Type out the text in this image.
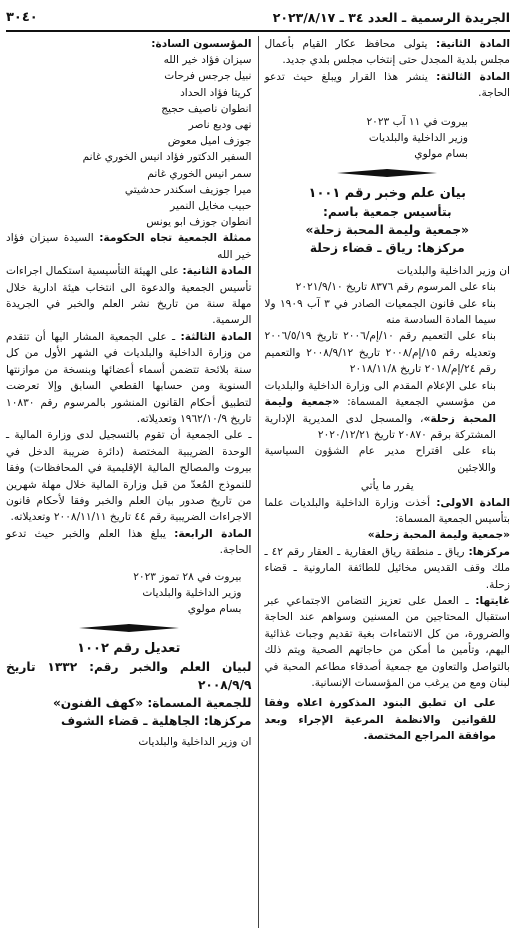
الجريدة الرسمية ـ العدد ٣٤ ـ ٢٠٢٣/٨/١٧
٣٠٤٠

المادة الثانية: يتولى محافظ عكار القيام بأعمال مجلس بلدية المجدل حتى إنتخاب مجلس بلدي جديد.

المادة الثالثة: ينشر هذا القرار ويبلغ حيث تدعو الحاجة.

بيروت في ١١ آب ٢٠٢٣

وزير الداخلية والبلديات

بسام مولوي

بيان علم وخبر رقم ١٠٠١

بتأسيس جمعية باسم:

«جمعية وليمة المحبة زحلة»

مركزها: رياق ـ قضاء زحلة

ان وزير الداخلية والبلديات

بناء على المرسوم رقم ٨٣٧٦ تاريخ ٢٠٢١/٩/١٠

بناء على قانون الجمعيات الصادر في ٣ آب ١٩٠٩ ولا سيما المادة السادسة منه

بناء على التعميم رقم ١٠/إم/٢٠٠٦ تاريخ ٢٠٠٦/٥/١٩ وتعديله رقم ١٥/إم/٢٠٠٨ تاريخ ٢٠٠٨/٩/١٢ والتعميم رقم ٢٤/إم/٢٠١٨ تاريخ ٢٠١٨/١١/٨

بناء على الإعلام المقدم الى وزارة الداخلية والبلديات من مؤسسي الجمعية المسماة: «جمعية وليمة المحبة زحلة»، والمسجل لدى المديرية الإدارية المشتركة برقم ٢٠٨٧٠ تاريخ ٢٠٢٠/١٢/٢١

بناء على اقتراح مدير عام الشؤون السياسية واللاجئين

يقرر ما يأتي

المادة الاولى: أخذت وزارة الداخلية والبلديات علما بتأسيس الجمعية المسماة:

«جمعية وليمة المحبة زحلة»

مركزها: رياق ـ منطقة رياق العقارية ـ العقار رقم ٤٢ ـ ملك وقف القديس مخائيل للطائفة المارونية ـ قضاء زحلة.

غايتها: ـ العمل على تعزيز التضامن الاجتماعي عبر استقبال المحتاجين من المسنين وسواهم عند الحاجة والضرورة، من كل الانتماءات بغية تقديم وجبات غذائية اليهم، وتأمين ما أمكن من حاجاتهم الصحية ويتم ذلك بالتواصل والتعاون مع جمعية أصدقاء مطاعم المحبة في لبنان ومع من يرغب من المؤسسات الإنسانية.

على ان تطبق البنود المذكورة اعلاه وفقا للقوانين والانظمة المرعية الإجراء وبعد موافقة المراجع المختصة.

المؤسسون السادة:

سيزان فؤاد خير الله

نبيل جرجس فرحات

كريتا فؤاد الحداد

انطوان ناصيف حجيج

نهى وديع ناصر

جوزف اميل معوض

السفير الدكتور فؤاد انيس الخوري غانم

سمر انيس الخوري غانم

ميرا جوزيف اسكندر حدشيتي

حبيب مخايل النمير

انطوان جوزف ابو يونس

ممثلة الجمعية تجاه الحكومة: السيدة سيزان فؤاد خير الله

المادة الثانية: على الهيئة التأسيسية استكمال اجراءات تأسيس الجمعية والدعوة الى انتخاب هيئة ادارية خلال مهلة سنة من تاريخ نشر العلم والخبر في الجريدة الرسمية.

المادة الثالثة: ـ على الجمعية المشار اليها أن تتقدم من وزارة الداخلية والبلديات في الشهر الأول من كل سنة بلائحة تتضمن أسماء أعضائها وبنسخة من موازنتها السنوية ومن حسابها القطعي السابق وإلا تعرضت لتطبيق أحكام القانون المنشور بالمرسوم رقم ١٠٨٣٠ تاريخ ١٩٦٢/١٠/٩ وتعديلاته.

ـ على الجمعية أن تقوم بالتسجيل لدى وزارة المالية ـ الوحدة الضريبية المختصة (دائرة ضريبة الدخل في بيروت والمصالح المالية الإقليمية في المحافظات) وفقا للنموذج المُعدّ من قبل وزارة المالية خلال مهلة شهرين من تاريخ صدور بيان العلم والخبر وفقا لأحكام قانون الاجراءات الضريبية رقم ٤٤ تاريخ ٢٠٠٨/١١/١١ وتعديلاته.

المادة الرابعة: يبلغ هذا العلم والخبر حيث تدعو الحاجة.

بيروت في ٢٨ تموز ٢٠٢٣

وزير الداخلية والبلديات

بسام مولوي

تعديل رقم ١٠٠٢

لبيان العلم والخبر رقم: ١٣٣٢ تاريخ ٢٠٠٨/٩/٩

للجمعية المسماة: «كهف الفنون»

مركزها: الجاهلية ـ قضاء الشوف

ان وزير الداخلية والبلديات
